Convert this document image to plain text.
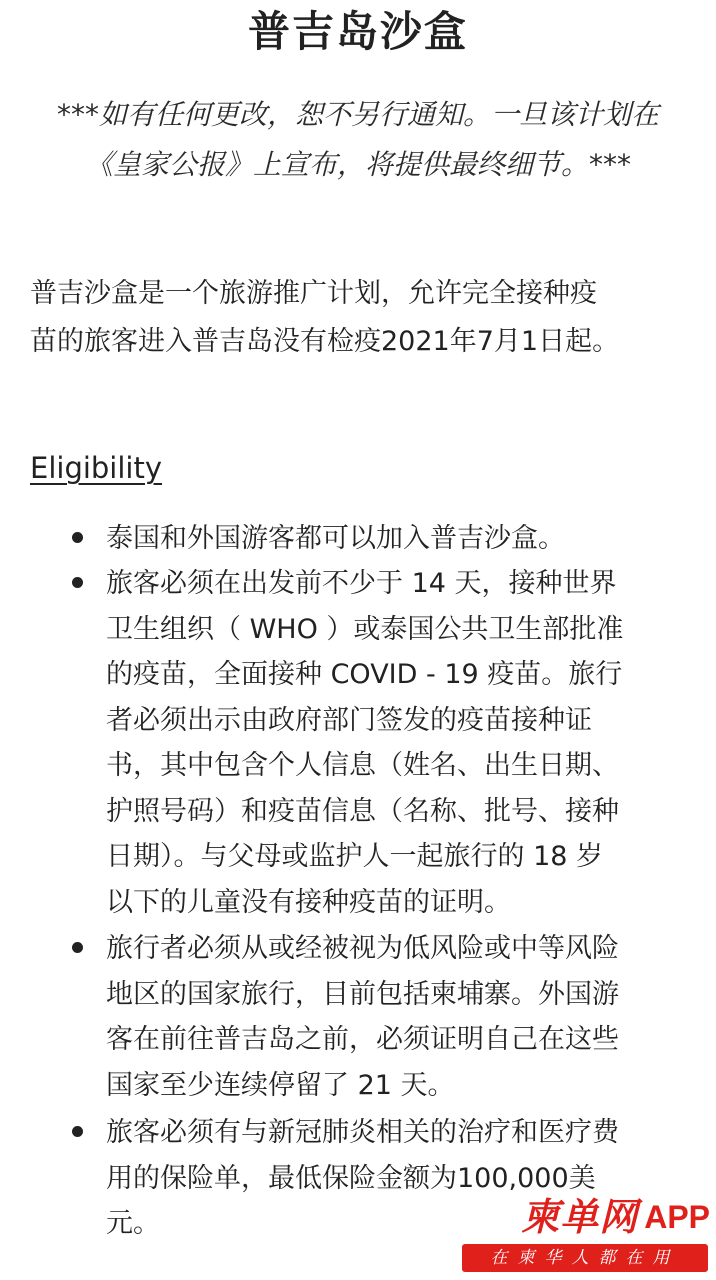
普吉岛沙盒
***如有任何更改，恕不另行通知。一旦该计划在
《皇家公报》上宣布，将提供最终细节。***
普吉沙盒是一个旅游推广计划，允许完全接种疫
苗的旅客进入普吉岛没有检疫2021年7月1日起。
Eligibility
泰国和外国游客都可以加入普吉沙盒。
旅客必须在出发前不少于 14 天，接种世界
卫生组织（ WHO ）或泰国公共卫生部批准
的疫苗，全面接种 COVID - 19 疫苗。旅行
者必须出示由政府部门签发的疫苗接种证
书，其中包含个人信息（姓名、出生日期、
护照号码）和疫苗信息（名称、批号、接种
日期）。与父母或监护人一起旅行的 18 岁
以下的儿童没有接种疫苗的证明。
旅行者必须从或经被视为低风险或中等风险
地区的国家旅行，目前包括柬埔寨。外国游
客在前往普吉岛之前，必须证明自己在这些
国家至少连续停留了 21 天。
旅客必须有与新冠肺炎相关的治疗和医疗费
用的保险单，最低保险金额为100,000美
元。	柬单网 APP
在柬华人都在用
